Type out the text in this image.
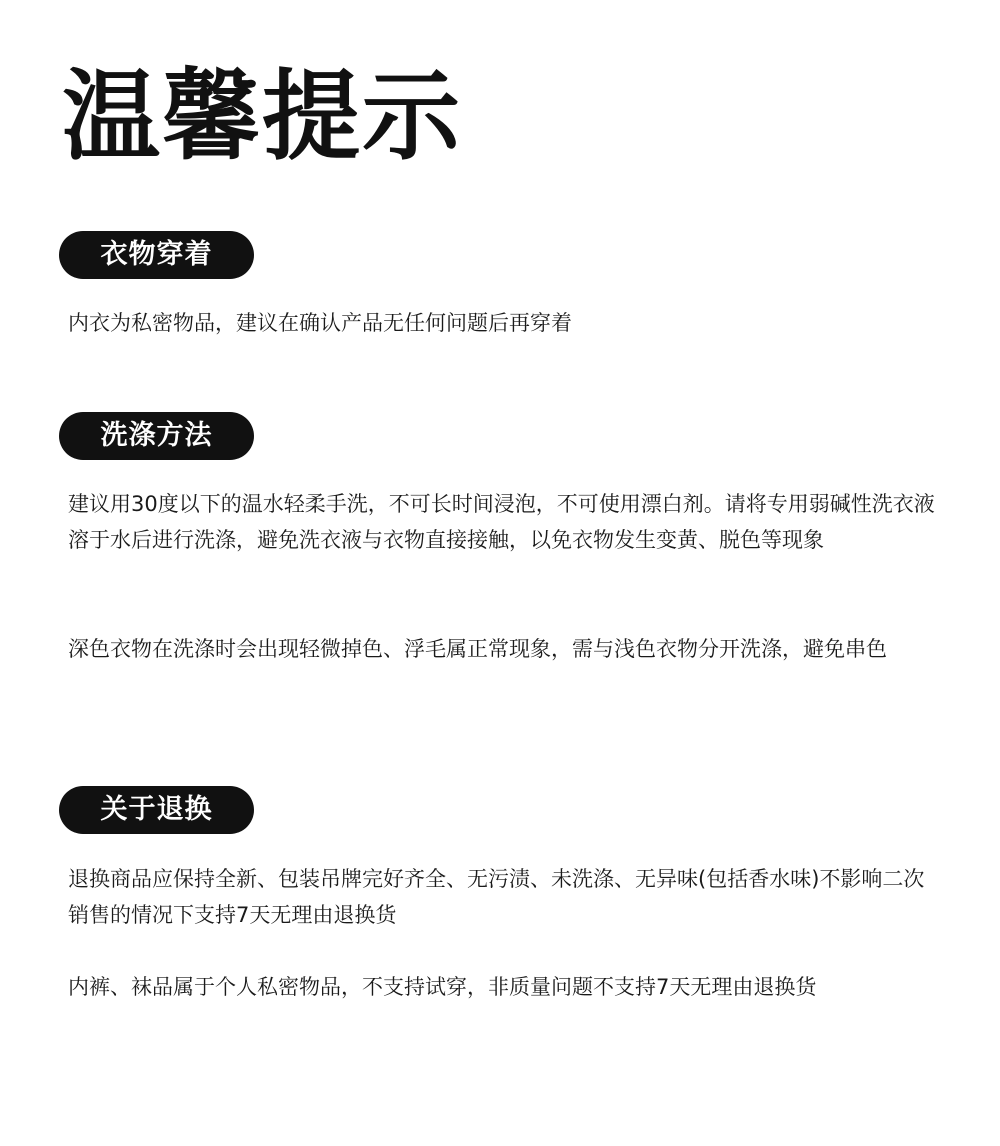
温馨提示
衣物穿着

内衣为私密物品，建议在确认产品无任何问题后再穿着

洗涤方法

建议用30度以下的温水轻柔手洗，不可长时间浸泡，不可使用漂白剂。请将专用弱碱性洗衣液溶于水后进行洗涤，避免洗衣液与衣物直接接触，以免衣物发生变黄、脱色等现象

深色衣物在洗涤时会出现轻微掉色、浮毛属正常现象，需与浅色衣物分开洗涤，避免串色

关于退换

退换商品应保持全新、包装吊牌完好齐全、无污渍、未洗涤、无异味(包括香水味)不影响二次销售的情况下支持7天无理由退换货

内裤、袜品属于个人私密物品，不支持试穿，非质量问题不支持7天无理由退换货
